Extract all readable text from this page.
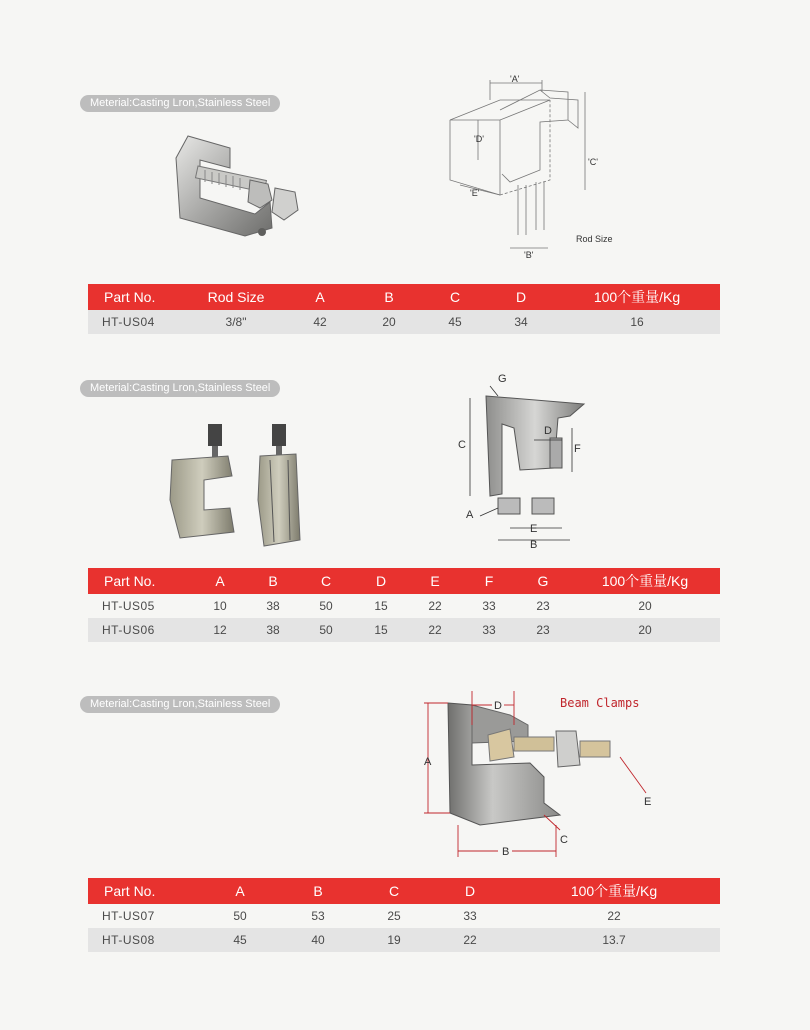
Meterial:Casting Lron,Stainless Steel
'A'
'C'
'D'
'E'
'B'
Rod Size
Part No.	Rod Size	A	B	C	D	100个重量/Kg
HT-US04	3/8"	42	20	45	34	16
Meterial:Casting Lron,Stainless Steel
G
C
D
F
A
E
B
Part No.	A	B	C	D	E	F	G	100个重量/Kg
HT-US05	10	38	50	15	22	33	23	20
HT-US06	12	38	50	15	22	33	23	20
Meterial:Casting Lron,Stainless Steel	D	Beam Clamps
A
B
C
E
Part No.	A	B	C	D	100个重量/Kg
HT-US07	50	53	25	33	22
HT-US08	45	40	19	22	13.7
